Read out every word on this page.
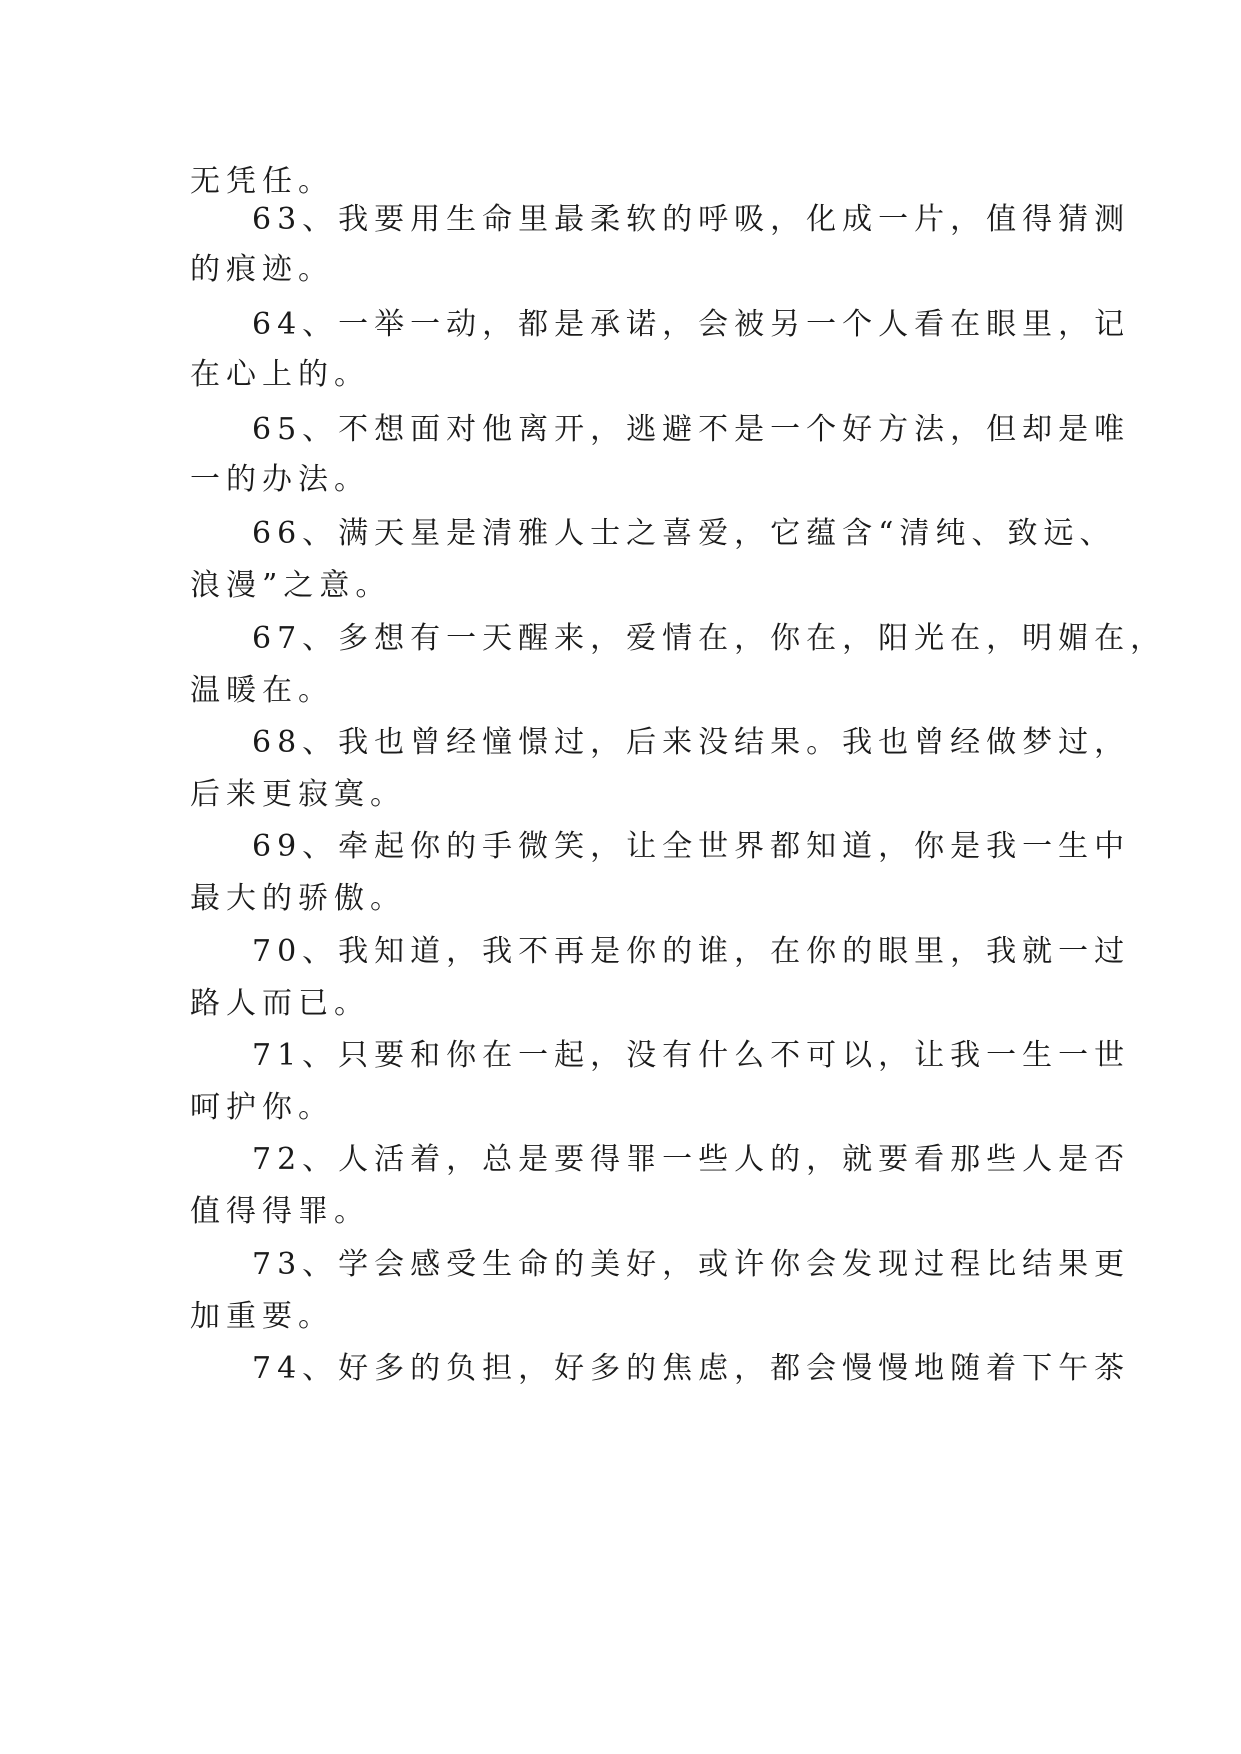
无凭任。
63、我要用生命里最柔软的呼吸，化成一片，值得猜测
的痕迹。
64、一举一动，都是承诺，会被另一个人看在眼里，记
在心上的。
65、不想面对他离开，逃避不是一个好方法，但却是唯
一的办法。
66、满天星是清雅人士之喜爱，它蕴含“清纯、致远、
浪漫”之意。
67、多想有一天醒来，爱情在，你在，阳光在，明媚在，
温暖在。
68、我也曾经憧憬过，后来没结果。我也曾经做梦过，
后来更寂寞。
69、牵起你的手微笑，让全世界都知道，你是我一生中
最大的骄傲。
70、我知道，我不再是你的谁，在你的眼里，我就一过
路人而已。
71、只要和你在一起，没有什么不可以，让我一生一世
呵护你。
72、人活着，总是要得罪一些人的，就要看那些人是否
值得得罪。
73、学会感受生命的美好，或许你会发现过程比结果更
加重要。
74、好多的负担，好多的焦虑，都会慢慢地随着下午茶
